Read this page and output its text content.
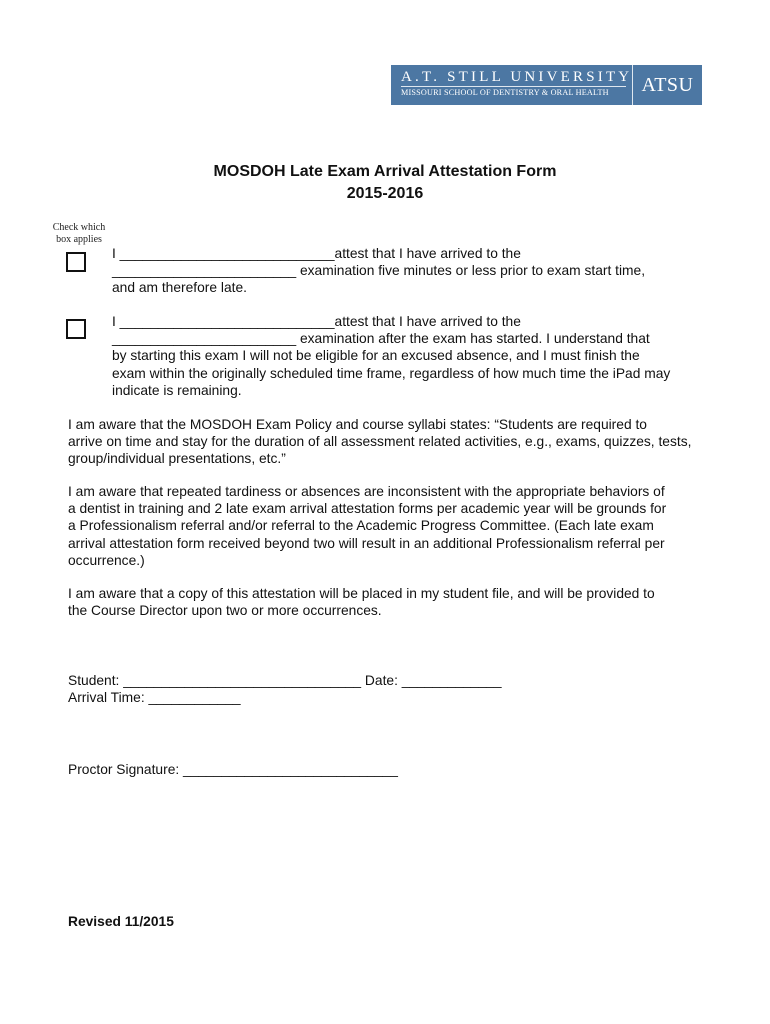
A.T. STILL UNIVERSITY
MISSOURI SCHOOL OF DENTISTRY & ORAL HEALTH ATSU
MOSDOH Late Exam Arrival Attestation Form
2015-2016
Check which
box applies
I ____________________________attest that I have arrived to the
________________________ examination five minutes or less prior to exam start time,
and am therefore late.
I ____________________________attest that I have arrived to the
________________________ examination after the exam has started. I understand that
by starting this exam I will not be eligible for an excused absence, and I must finish the
exam within the originally scheduled time frame, regardless of how much time the iPad may
indicate is remaining.
I am aware that the MOSDOH Exam Policy and course syllabi states: “Students are required to
arrive on time and stay for the duration of all assessment related activities, e.g., exams, quizzes, tests,
group/individual presentations, etc.”
I am aware that repeated tardiness or absences are inconsistent with the appropriate behaviors of
a dentist in training and 2 late exam arrival attestation forms per academic year will be grounds for
a Professionalism referral and/or referral to the Academic Progress Committee. (Each late exam
arrival attestation form received beyond two will result in an additional Professionalism referral per
occurrence.)
I am aware that a copy of this attestation will be placed in my student file, and will be provided to
the Course Director upon two or more occurrences.
Student: _______________________________ Date: _____________
Arrival Time: ____________
Proctor Signature: ____________________________
Revised 11/2015
